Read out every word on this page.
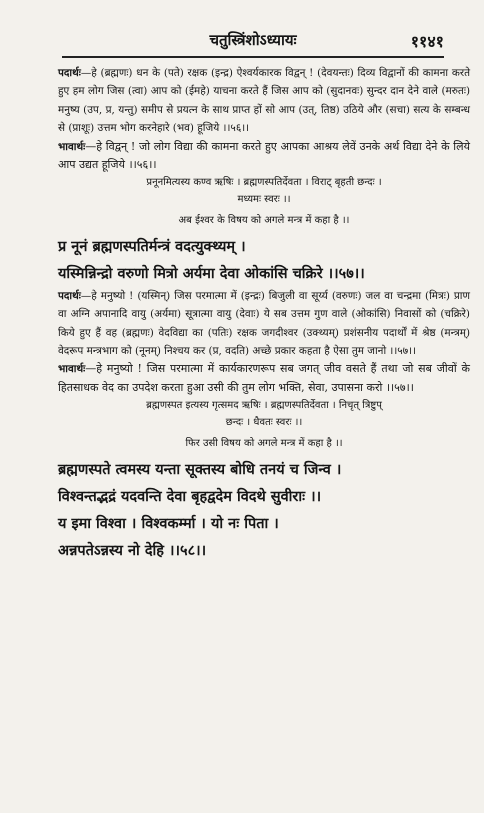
चतुस्त्रिंशोऽध्यायः	११४१

पदार्थः—हे (ब्रह्मणः) धन के (पते) रक्षक (इन्द्र) ऐश्वर्यकारक विद्वन् ! (देवयन्तः) दिव्य विद्वानों की कामना करते हुए हम लोग जिस (त्वा) आप को (ईमहे) याचना करते हैं जिस आप को (सुदानवः) सुन्दर दान देने वाले (मरुतः) मनुष्य (उप, प्र, यन्तु) समीप से प्रयत्न के साथ प्राप्त हों सो आप (उत्, तिष्ठ) उठिये और (सचा) सत्य के सम्बन्ध से (प्राशूः) उत्तम भोग करनेहारे (भव) हूजिये ।।५६।।

भावार्थः—हे विद्वन् ! जो लोग विद्या की कामना करते हुए आपका आश्रय लेवें उनके अर्थ विद्या देने के लिये आप उद्यत हूजिये ।।५६।।

प्रनूनमित्यस्य कण्व ऋषिः । ब्रह्मणस्पतिर्देवता । विराट् बृहती छन्दः ।

मध्यमः स्वरः ।।

अब ईश्वर के विषय को अगले मन्त्र में कहा है ।।

प्र नूनं ब्रह्मणस्पतिर्मन्त्रं वदत्युक्थ्यम् ।

यस्मिन्निन्द्रो वरुणो मित्रो अर्यमा देवा ओकांसि चक्रिरे ।।५७।।

पदार्थः—हे मनुष्यो ! (यस्मिन्) जिस परमात्मा में (इन्द्रः) बिजुली वा सूर्य्य (वरुणः) जल वा चन्द्रमा (मित्रः) प्राण वा अग्नि अपानादि वायु (अर्यमा) सूत्रात्मा वायु (देवाः) ये सब उत्तम गुण वाले (ओकांसि) निवासों को (चक्रिरे) किये हुए हैं वह (ब्रह्मणः) वेदविद्या का (पतिः) रक्षक जगदीश्वर (उक्थ्यम्) प्रशंसनीय पदार्थों में श्रेष्ठ (मन्त्रम्) वेदरूप मन्त्रभाग को (नूनम्) निश्चय कर (प्र, वदति) अच्छे प्रकार कहता है ऐसा तुम जानो ।।५७।।

भावार्थः—हे मनुष्यो ! जिस परमात्मा में कार्यकारणरूप सब जगत् जीव वसते हैं तथा जो सब जीवों के हितसाधक वेद का उपदेश करता हुआ उसी की तुम लोग भक्ति, सेवा, उपासना करो ।।५७।।

ब्रह्मणस्पत इत्यस्य गृत्समद ऋषिः । ब्रह्मणस्पतिर्देवता । निचृत् त्रिष्टुप्

छन्दः । धैवतः स्वरः ।।

फिर उसी विषय को अगले मन्त्र में कहा है ।।

ब्रह्मणस्पते त्वमस्य यन्ता सूक्तस्य बोधि तनयं च जिन्व ।

विश्वन्तद्भद्रं यदवन्ति देवा बृहद्वदेम विदथे सुवीराः ।।

य इमा विश्वा । विश्वकर्म्मा । यो नः पिता ।

अन्नपतेऽन्नस्य नो देहि ।।५८।।
